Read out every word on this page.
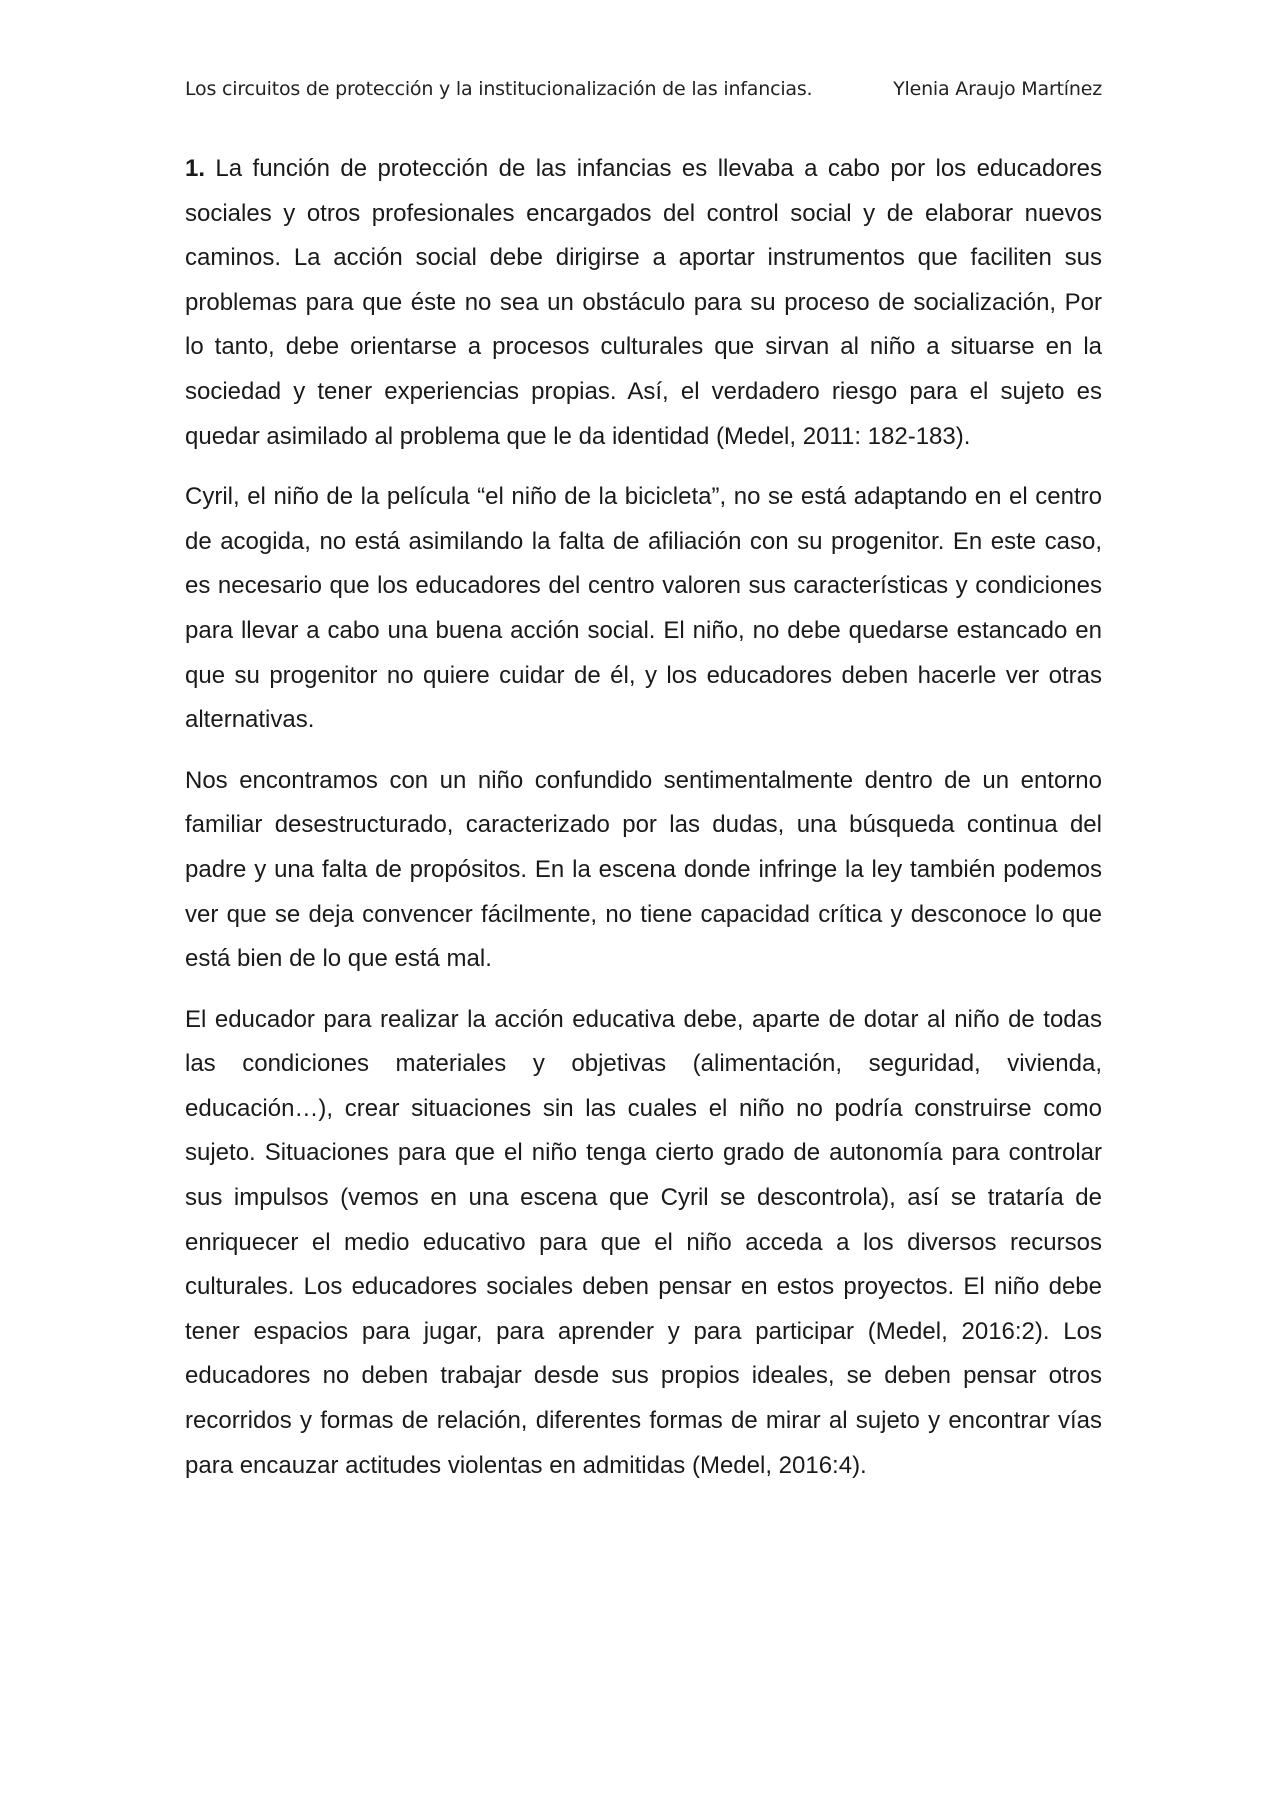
Los circuitos de protección y la institucionalización de las infancias.	Ylenia Araujo Martínez

1. La función de protección de las infancias es llevaba a cabo por los educadores sociales y otros profesionales encargados del control social y de elaborar nuevos caminos. La acción social debe dirigirse a aportar instrumentos que faciliten sus problemas para que éste no sea un obstáculo para su proceso de socialización, Por lo tanto, debe orientarse a procesos culturales que sirvan al niño a situarse en la sociedad y tener experiencias propias. Así, el verdadero riesgo para el sujeto es quedar asimilado al problema que le da identidad (Medel, 2011: 182-183).

Cyril, el niño de la película “el niño de la bicicleta”, no se está adaptando en el centro de acogida, no está asimilando la falta de afiliación con su progenitor. En este caso, es necesario que los educadores del centro valoren sus características y condiciones para llevar a cabo una buena acción social. El niño, no debe quedarse estancado en que su progenitor no quiere cuidar de él, y los educadores deben hacerle ver otras alternativas.

Nos encontramos con un niño confundido sentimentalmente dentro de un entorno familiar desestructurado, caracterizado por las dudas, una búsqueda continua del padre y una falta de propósitos. En la escena donde infringe la ley también podemos ver que se deja convencer fácilmente, no tiene capacidad crítica y desconoce lo que está bien de lo que está mal.

El educador para realizar la acción educativa debe, aparte de dotar al niño de todas las condiciones materiales y objetivas (alimentación, seguridad, vivienda, educación…), crear situaciones sin las cuales el niño no podría construirse como sujeto. Situaciones para que el niño tenga cierto grado de autonomía para controlar sus impulsos (vemos en una escena que Cyril se descontrola), así se trataría de enriquecer el medio educativo para que el niño acceda a los diversos recursos culturales. Los educadores sociales deben pensar en estos proyectos. El niño debe tener espacios para jugar, para aprender y para participar (Medel, 2016:2). Los educadores no deben trabajar desde sus propios ideales, se deben pensar otros recorridos y formas de relación, diferentes formas de mirar al sujeto y encontrar vías para encauzar actitudes violentas en admitidas (Medel, 2016:4).
